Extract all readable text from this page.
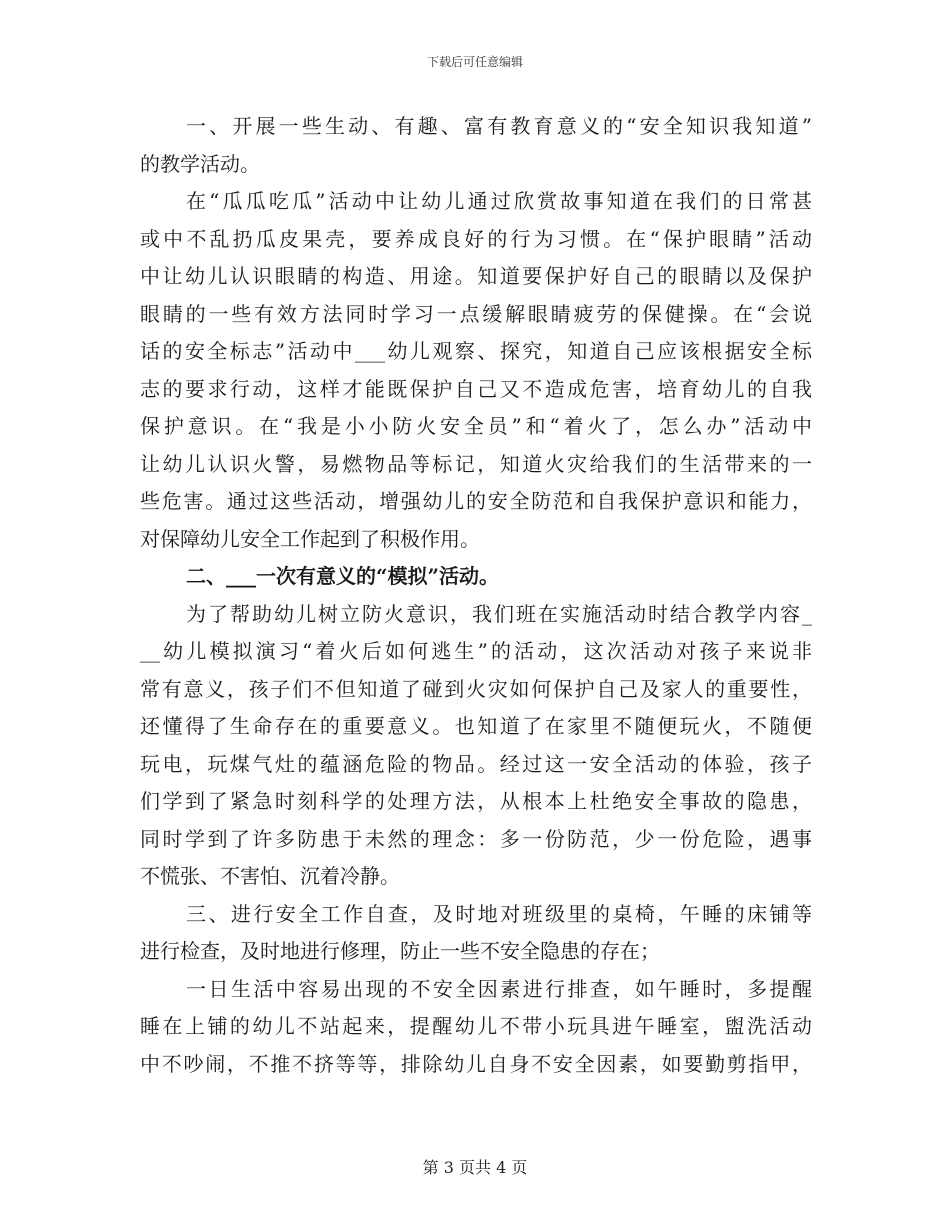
下载后可任意编辑
一、开展一些生动、有趣、富有教育意义的“安全知识我知道”
的教学活动。
在“瓜瓜吃瓜”活动中让幼儿通过欣赏故事知道在我们的日常甚
或中不乱扔瓜皮果壳，要养成良好的行为习惯。在“保护眼睛”活动
中让幼儿认识眼睛的构造、用途。知道要保护好自己的眼睛以及保护
眼睛的一些有效方法同时学习一点缓解眼睛疲劳的保健操。在“会说
话的安全标志”活动中___幼儿观察、探究，知道自己应该根据安全标
志的要求行动，这样才能既保护自己又不造成危害，培育幼儿的自我
保护意识。在“我是小小防火安全员”和“着火了，怎么办”活动中
让幼儿认识火警，易燃物品等标记，知道火灾给我们的生活带来的一
些危害。通过这些活动，增强幼儿的安全防范和自我保护意识和能力，
对保障幼儿安全工作起到了积极作用。
二、___一次有意义的“模拟”活动。
为了帮助幼儿树立防火意识，我们班在实施活动时结合教学内容_
__幼儿模拟演习“着火后如何逃生”的活动，这次活动对孩子来说非
常有意义，孩子们不但知道了碰到火灾如何保护自己及家人的重要性，
还懂得了生命存在的重要意义。也知道了在家里不随便玩火，不随便
玩电，玩煤气灶的蕴涵危险的物品。经过这一安全活动的体验，孩子
们学到了紧急时刻科学的处理方法，从根本上杜绝安全事故的隐患，
同时学到了许多防患于未然的理念：多一份防范，少一份危险，遇事
不慌张、不害怕、沉着冷静。
三、进行安全工作自查，及时地对班级里的桌椅，午睡的床铺等
进行检查，及时地进行修理，防止一些不安全隐患的存在；
一日生活中容易出现的不安全因素进行排查，如午睡时，多提醒
睡在上铺的幼儿不站起来，提醒幼儿不带小玩具进午睡室，盥洗活动
中不吵闹，不推不挤等等，排除幼儿自身不安全因素，如要勤剪指甲，
第 3 页共 4 页
